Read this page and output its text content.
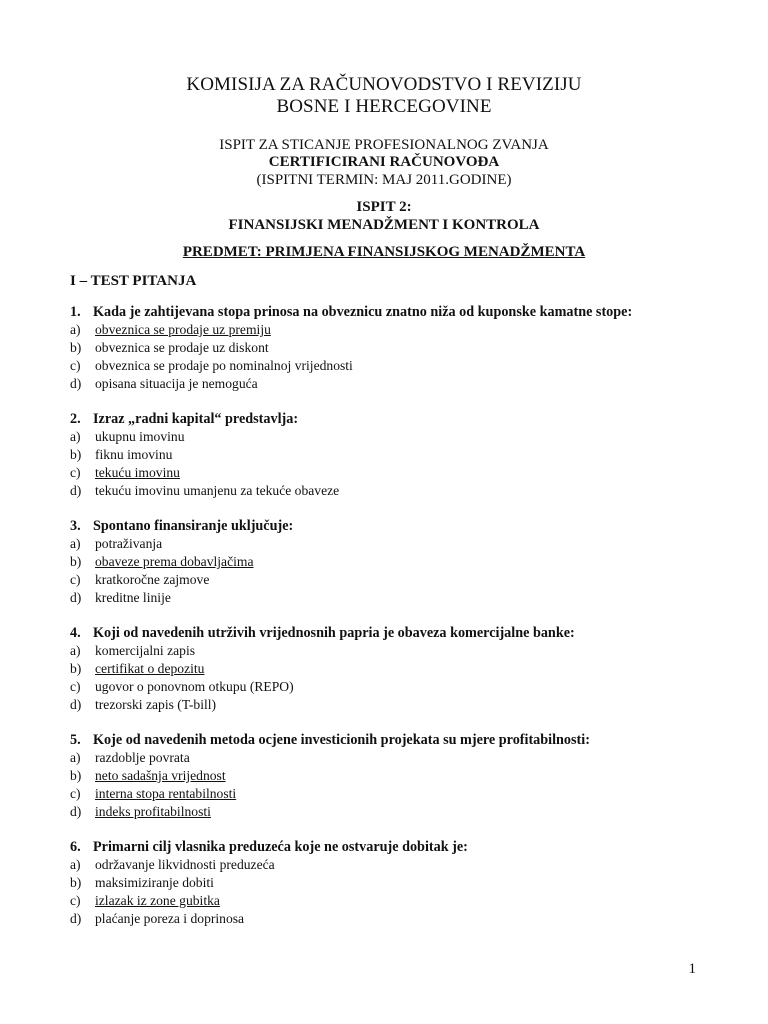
KOMISIJA ZA RAČUNOVODSTVO I REVIZIJU
BOSNE I HERCEGOVINE
ISPIT ZA STICANJE PROFESIONALNOG ZVANJA
CERTIFICIRANI RAČUNOVOĐA
(ISPITNI TERMIN: MAJ 2011.GODINE)
ISPIT 2:
FINANSIJSKI MENADŽMENT I KONTROLA
PREDMET: PRIMJENA FINANSIJSKOG MENADŽMENTA
I – TEST PITANJA
1. Kada je zahtijevana stopa prinosa na obveznicu znatno niža od kuponske kamatne stope:
a)	obveznica se prodaje uz premiju
b)	obveznica se prodaje uz diskont
c)	obveznica se prodaje po nominalnoj vrijednosti
d)	opisana situacija je nemoguća
2. Izraz „radni kapital“ predstavlja:
a)	ukupnu imovinu
b)	fiknu imovinu
c)	tekuću imovinu
d)	tekuću imovinu umanjenu za tekuće obaveze
3. Spontano finansiranje uključuje:
a)	potraživanja
b)	obaveze prema dobavljačima
c)	kratkoročne zajmove
d)	kreditne linije
4. Koji od navedenih utrživih vrijednosnih papria je obaveza komercijalne banke:
a)	komercijalni zapis
b)	certifikat o depozitu
c)	ugovor o ponovnom otkupu (REPO)
d)	trezorski zapis (T-bill)
5. Koje od navedenih metoda ocjene investicionih projekata su mjere profitabilnosti:
a)	razdoblje povrata
b)	neto sadašnja vrijednost
c)	interna stopa rentabilnosti
d)	indeks profitabilnosti
6. Primarni cilj vlasnika preduzeća koje ne ostvaruje dobitak je:
a)	održavanje likvidnosti preduzeća
b)	maksimiziranje dobiti
c)	izlazak iz zone gubitka
d)	plaćanje poreza i doprinosa
1
